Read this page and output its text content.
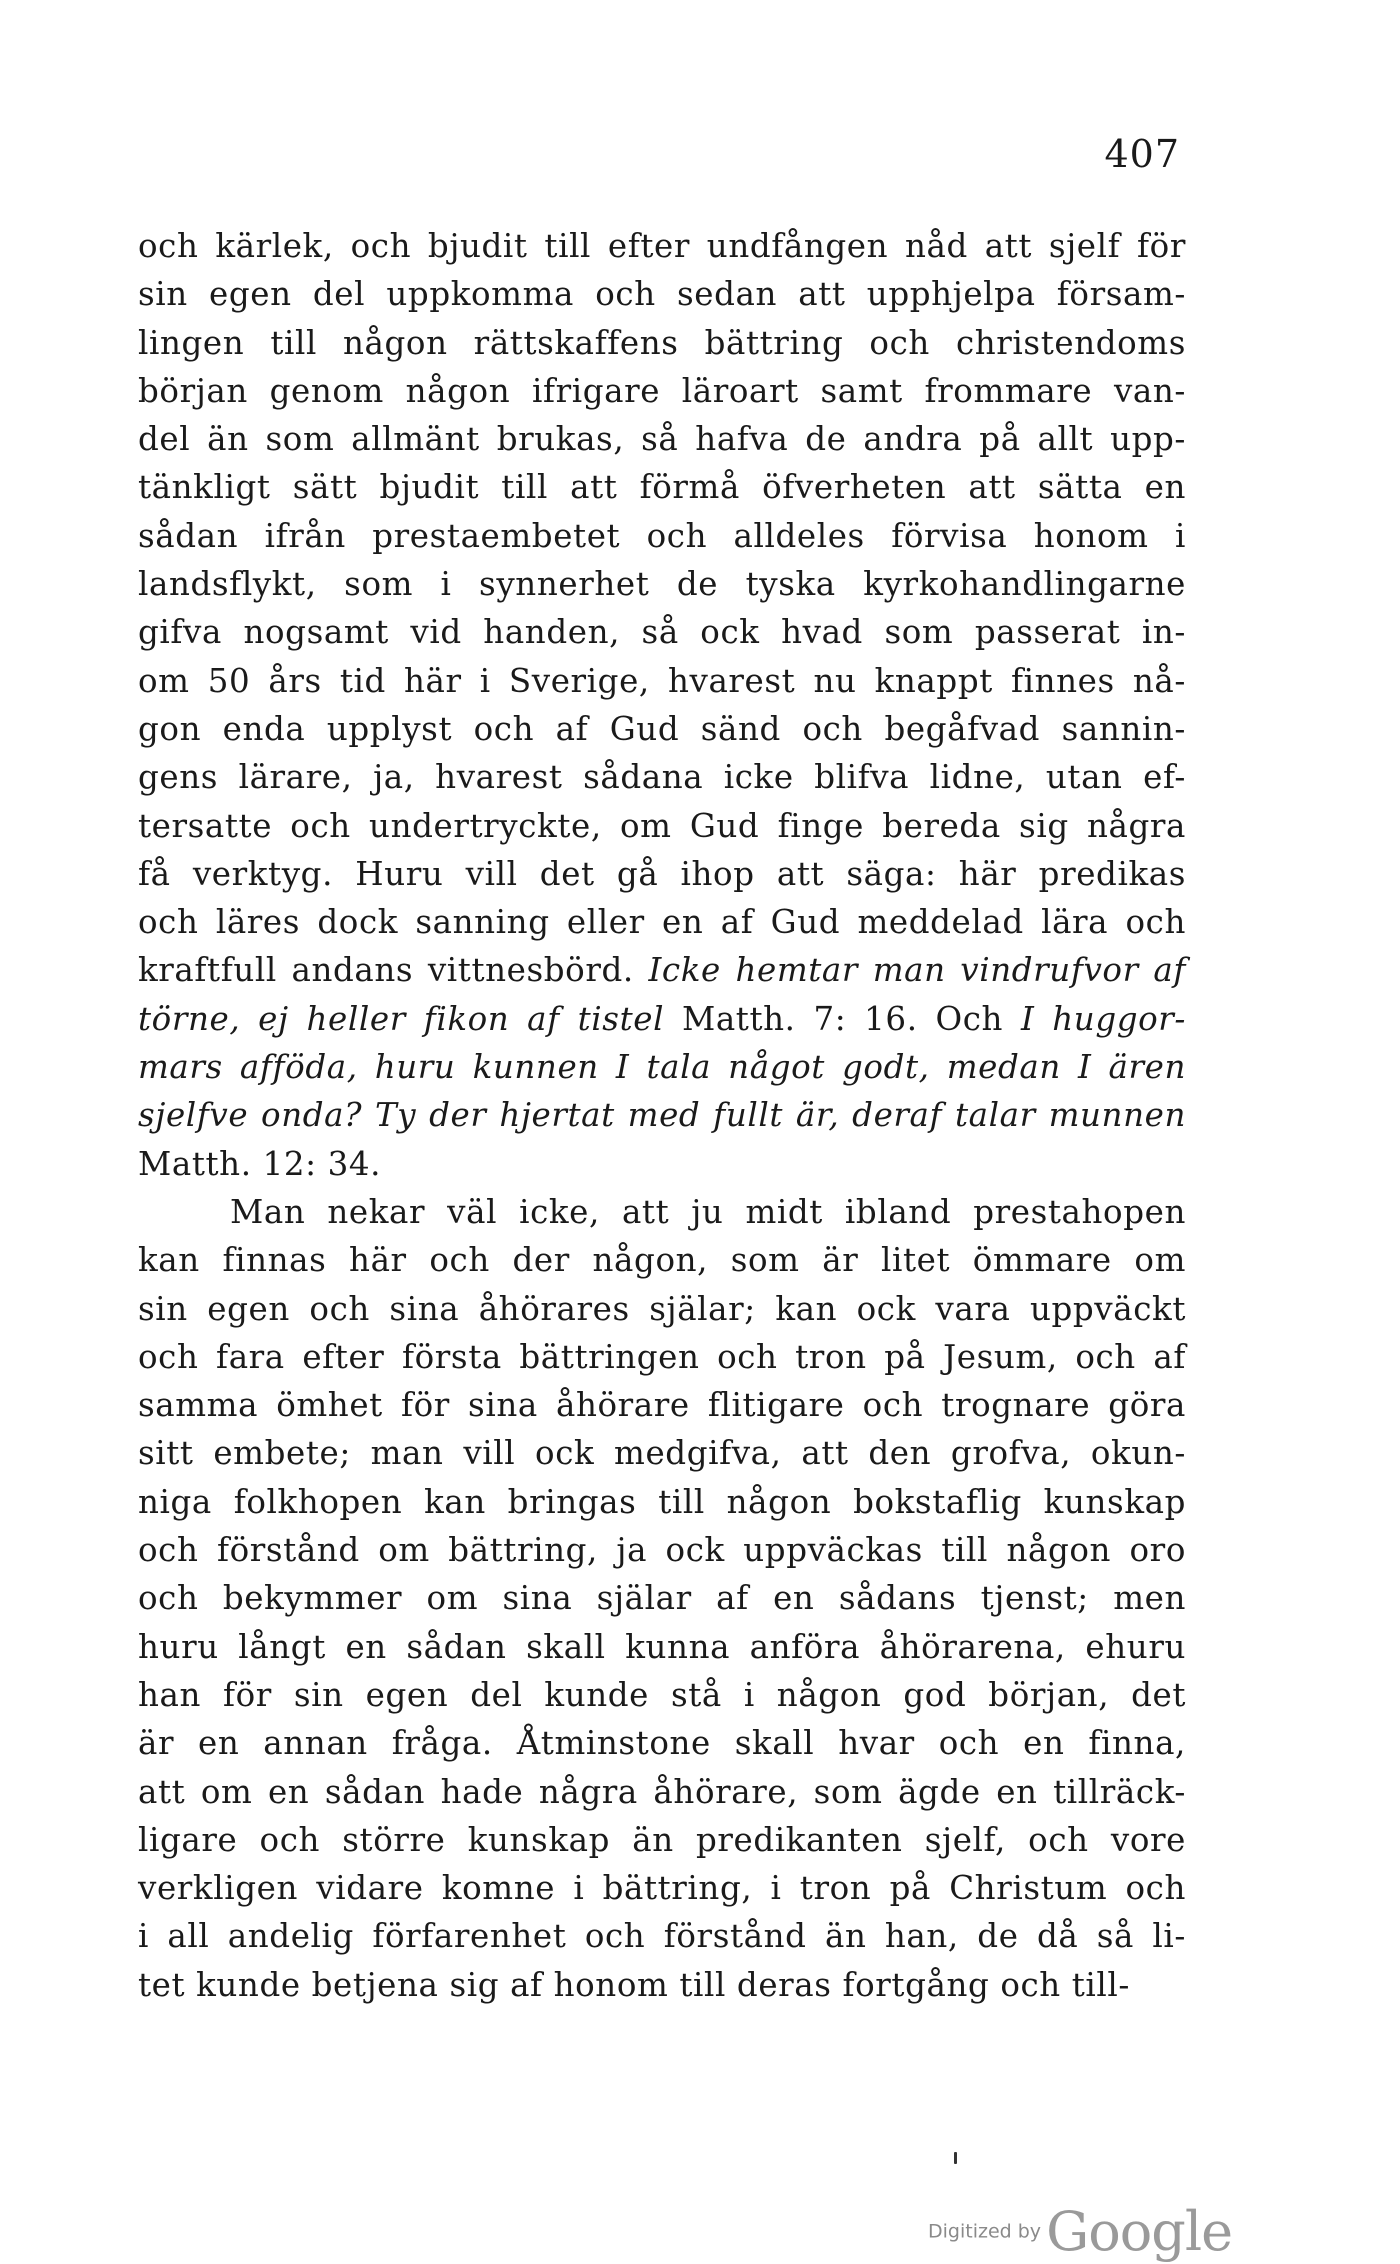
407
och kärlek, och bjudit till efter undfången nåd att sjelf för
sin egen del uppkomma och sedan att upphjelpa försam-
lingen till någon rättskaffens bättring och christendoms
början genom någon ifrigare läroart samt frommare van-
del än som allmänt brukas, så hafva de andra på allt upp-
tänkligt sätt bjudit till att förmå öfverheten att sätta en
sådan ifrån prestaembetet och alldeles förvisa honom i
landsflykt, som i synnerhet de tyska kyrkohandlingarne
gifva nogsamt vid handen, så ock hvad som passerat in-
om 50 års tid här i Sverige, hvarest nu knappt finnes nå-
gon enda upplyst och af Gud sänd och begåfvad sannin-
gens lärare, ja, hvarest sådana icke blifva lidne, utan ef-
tersatte och undertryckte, om Gud finge bereda sig några
få verktyg. Huru vill det gå ihop att säga: här predikas
och läres dock sanning eller en af Gud meddelad lära och
kraftfull andans vittnesbörd. Icke hemtar man vindrufvor af
törne, ej heller fikon af tistel Matth. 7: 16. Och I huggor-
mars afföda, huru kunnen I tala något godt, medan I ären
sjelfve onda? Ty der hjertat med fullt är, deraf talar munnen
Matth. 12: 34.
Man nekar väl icke, att ju midt ibland prestahopen
kan finnas här och der någon, som är litet ömmare om
sin egen och sina åhörares själar; kan ock vara uppväckt
och fara efter första bättringen och tron på Jesum, och af
samma ömhet för sina åhörare flitigare och trognare göra
sitt embete; man vill ock medgifva, att den grofva, okun-
niga folkhopen kan bringas till någon bokstaflig kunskap
och förstånd om bättring, ja ock uppväckas till någon oro
och bekymmer om sina själar af en sådans tjenst; men
huru långt en sådan skall kunna anföra åhörarena, ehuru
han för sin egen del kunde stå i någon god början, det
är en annan fråga. Åtminstone skall hvar och en finna,
att om en sådan hade några åhörare, som ägde en tillräck-
ligare och större kunskap än predikanten sjelf, och vore
verkligen vidare komne i bättring, i tron på Christum och
i all andelig förfarenhet och förstånd än han, de då så li-
tet kunde betjena sig af honom till deras fortgång och till-
Digitized by Google
